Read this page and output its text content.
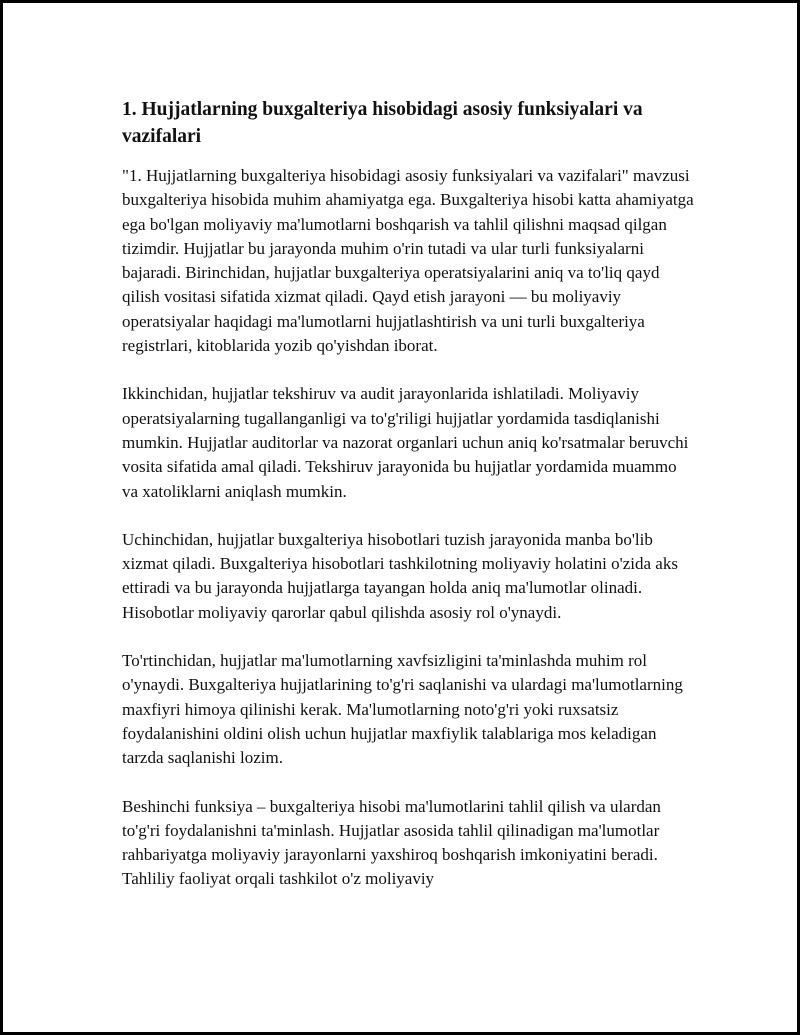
1. Hujjatlarning buxgalteriya hisobidagi asosiy funksiyalari va vazifalari

"1. Hujjatlarning buxgalteriya hisobidagi asosiy funksiyalari va vazifalari" mavzusi buxgalteriya hisobida muhim ahamiyatga ega. Buxgalteriya hisobi katta ahamiyatga ega bo'lgan moliyaviy ma'lumotlarni boshqarish va tahlil qilishni maqsad qilgan tizimdir. Hujjatlar bu jarayonda muhim o'rin tutadi va ular turli funksiyalarni bajaradi. Birinchidan, hujjatlar buxgalteriya operatsiyalarini aniq va to'liq qayd qilish vositasi sifatida xizmat qiladi. Qayd etish jarayoni — bu moliyaviy operatsiyalar haqidagi ma'lumotlarni hujjatlashtirish va uni turli buxgalteriya registrlari, kitoblarida yozib qo'yishdan iborat.

Ikkinchidan, hujjatlar tekshiruv va audit jarayonlarida ishlatiladi. Moliyaviy operatsiyalarning tugallanganligi va to'g'riligi hujjatlar yordamida tasdiqlanishi mumkin. Hujjatlar auditorlar va nazorat organlari uchun aniq ko'rsatmalar beruvchi vosita sifatida amal qiladi. Tekshiruv jarayonida bu hujjatlar yordamida muammo va xatoliklarni aniqlash mumkin.

Uchinchidan, hujjatlar buxgalteriya hisobotlari tuzish jarayonida manba bo'lib xizmat qiladi. Buxgalteriya hisobotlari tashkilotning moliyaviy holatini o'zida aks ettiradi va bu jarayonda hujjatlarga tayangan holda aniq ma'lumotlar olinadi. Hisobotlar moliyaviy qarorlar qabul qilishda asosiy rol o'ynaydi.

To'rtinchidan, hujjatlar ma'lumotlarning xavfsizligini ta'minlashda muhim rol o'ynaydi. Buxgalteriya hujjatlarining to'g'ri saqlanishi va ulardagi ma'lumotlarning maxfiyri himoya qilinishi kerak. Ma'lumotlarning noto'g'ri yoki ruxsatsiz foydalanishini oldini olish uchun hujjatlar maxfiylik talablariga mos keladigan tarzda saqlanishi lozim.

Beshinchi funksiya – buxgalteriya hisobi ma'lumotlarini tahlil qilish va ulardan to'g'ri foydalanishni ta'minlash. Hujjatlar asosida tahlil qilinadigan ma'lumotlar rahbariyatga moliyaviy jarayonlarni yaxshiroq boshqarish imkoniyatini beradi. Tahliliy faoliyat orqali tashkilot o'z moliyaviy
